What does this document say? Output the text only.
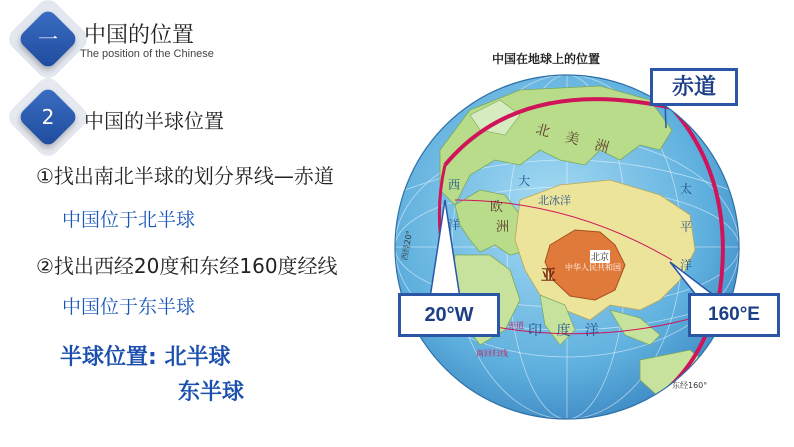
一	中国的位置
The position of the Chinese
2	中国的半球位置
①找出南北半球的划分界线—赤道
中国位于北半球
②找出西经20度和东经160度经线
中国位于东半球
半球位置: 北半球
东半球
中国在地球上的位置
北 美 洲
欧
洲
亚
北冰洋
大
西
洋
太
平
洋
印 度 洋
中华人民共和国
北京
赤道
南回归线
西经20°
东经160°
赤道
20°W	160°E
